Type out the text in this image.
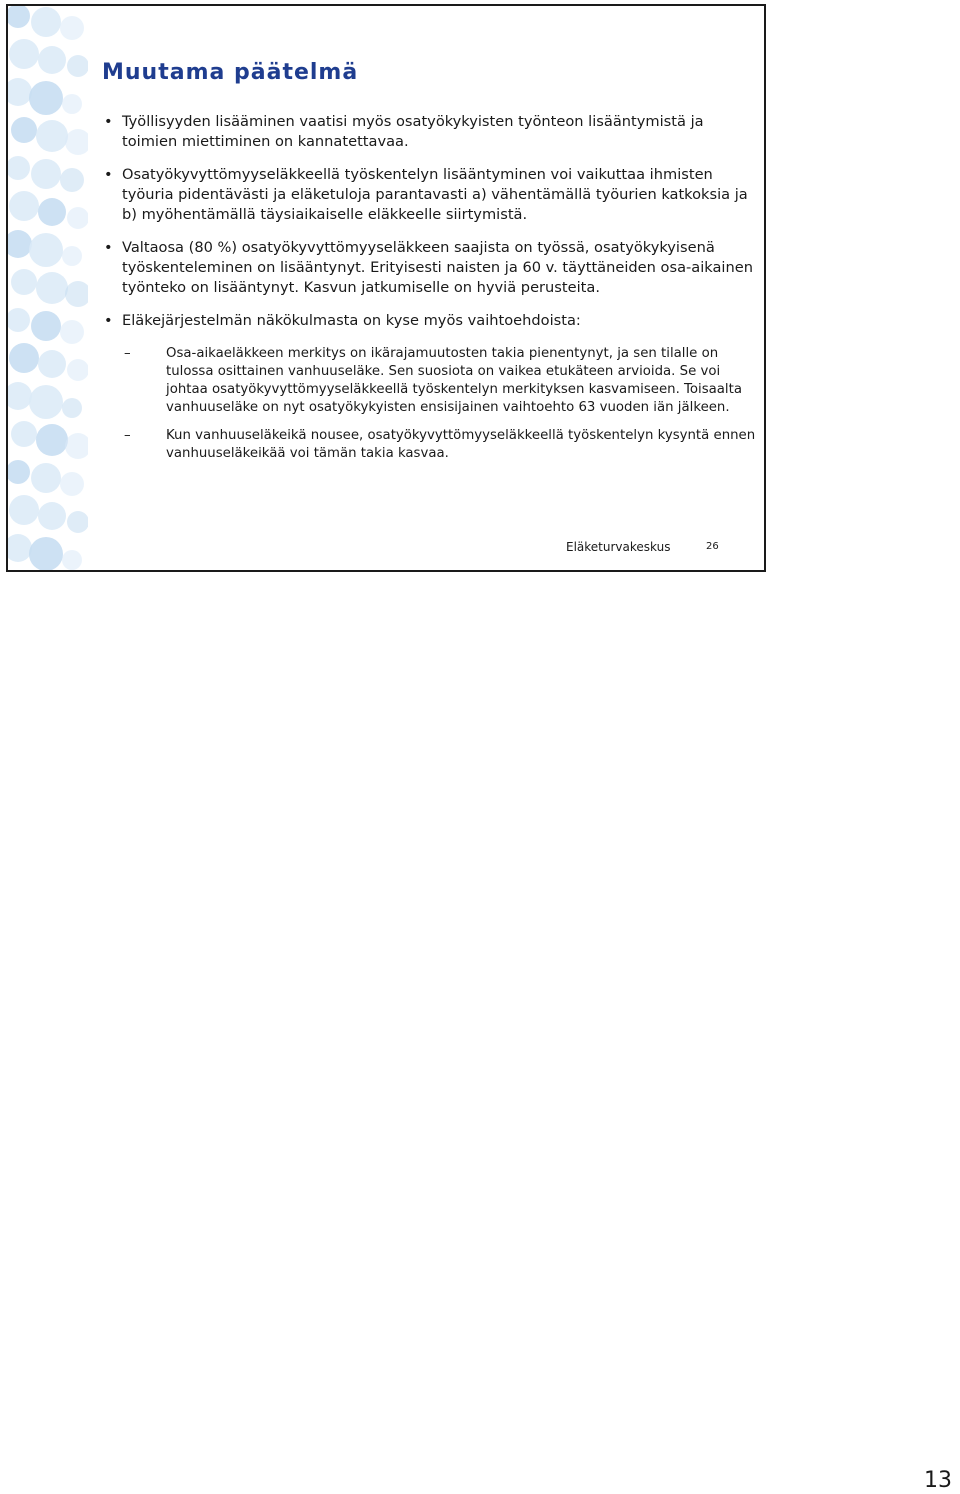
Muutama päätelmä
• Työllisyyden lisääminen vaatisi myös osatyökykyisten työnteon lisääntymistä ja toimien miettiminen on kannatettavaa.
• Osatyökyvyttömyyseläkkeellä työskentelyn lisääntyminen voi vaikuttaa ihmisten työuria pidentävästi ja eläketuloja parantavasti a) vähentämällä työurien katkoksia ja b) myöhentämällä täysiaikaiselle eläkkeelle siirtymistä.
• Valtaosa (80 %) osatyökyvyttömyyseläkkeen saajista on työssä, osatyökykyisenä työskenteleminen on lisääntynyt. Erityisesti naisten ja 60 v. täyttäneiden osa-aikainen työnteko on lisääntynyt. Kasvun jatkumiselle on hyviä perusteita.
• Eläkejärjestelmän näkökulmasta on kyse myös vaihtoehdoista:
–	Osa-aikaeläkkeen merkitys on ikärajamuutosten takia pienentynyt, ja sen tilalle on tulossa osittainen vanhuuseläke. Sen suosiota on vaikea etukäteen arvioida. Se voi johtaa osatyökyvyttömyyseläkkeellä työskentelyn merkityksen kasvamiseen. Toisaalta vanhuuseläke on nyt osatyökykyisten ensisijainen vaihtoehto 63 vuoden iän jälkeen.
–	Kun vanhuuseläkeikä nousee, osatyökyvyttömyyseläkkeellä työskentelyn kysyntä ennen vanhuuseläkeikää voi tämän takia kasvaa.
Eläketurvakeskus	26
13
